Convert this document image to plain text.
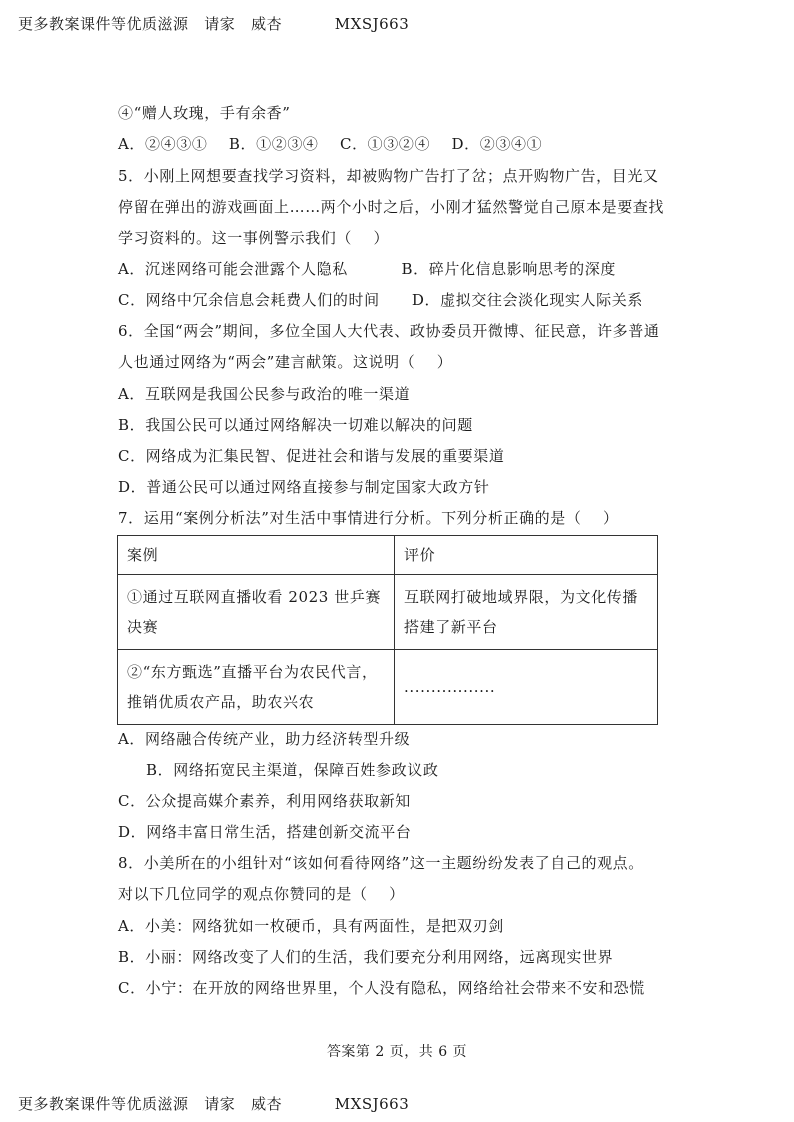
更多教案课件等优质滋源   请家   威杏          MXSJ663
④“赠人玫瑰，手有余香”
A．②④③①    B．①②③④    C．①③②④    D．②③④①
5．小刚上网想要查找学习资料，却被购物广告打了岔；点开购物广告，目光又
停留在弹出的游戏画面上……两个小时之后，小刚才猛然警觉自己原本是要查找
学习资料的。这一事例警示我们（    ）
A．沉迷网络可能会泄露个人隐私          B．碎片化信息影响思考的深度
C．网络中冗余信息会耗费人们的时间      D．虚拟交往会淡化现实人际关系
6．全国“两会”期间，多位全国人大代表、政协委员开微博、征民意，许多普通
人也通过网络为“两会”建言献策。这说明（    ）
A．互联网是我国公民参与政治的唯一渠道
B．我国公民可以通过网络解决一切难以解决的问题
C．网络成为汇集民智、促进社会和谐与发展的重要渠道
D．普通公民可以通过网络直接参与制定国家大政方针
7．运用“案例分析法”对生活中事情进行分析。下列分析正确的是（    ）
案例	评价
①通过互联网直播收看 2023 世乒赛决赛	互联网打破地域界限，为文化传播搭建了新平台
②“东方甄选”直播平台为农民代言，推销优质农产品，助农兴农	.................
A．网络融合传统产业，助力经济转型升级
B．网络拓宽民主渠道，保障百姓参政议政
C．公众提高媒介素养，利用网络获取新知
D．网络丰富日常生活，搭建创新交流平台
8．小美所在的小组针对“该如何看待网络”这一主题纷纷发表了自己的观点。
对以下几位同学的观点你赞同的是（    ）
A．小美：网络犹如一枚硬币，具有两面性，是把双刃剑
B．小丽：网络改变了人们的生活，我们要充分利用网络，远离现实世界
C．小宁：在开放的网络世界里，个人没有隐私，网络给社会带来不安和恐慌
答案第 2 页，共 6 页
更多教案课件等优质滋源   请家   威杏          MXSJ663
